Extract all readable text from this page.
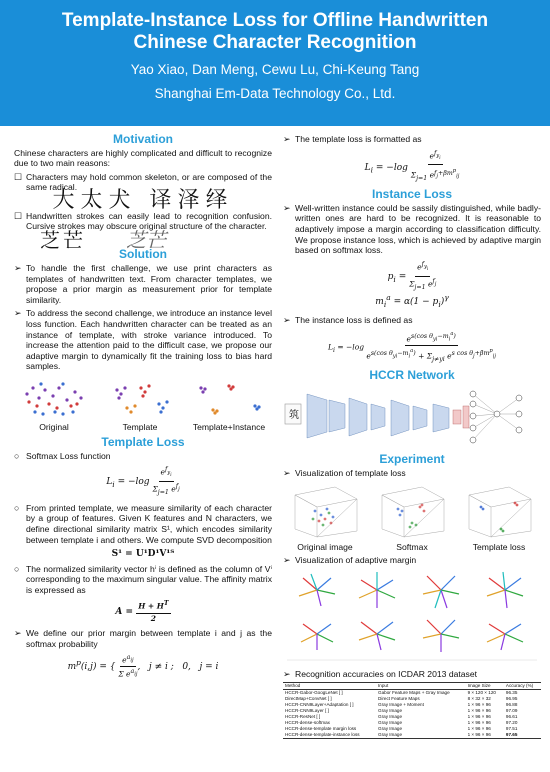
Template-Instance Loss for Offline Handwritten
Chinese Character Recognition
Yao Xiao, Dan Meng, Cewu Lu, Chi-Keung Tang
Shanghai Em-Data Technology Co., Ltd.
Motivation
Chinese characters are highly complicated and difficult to recognize due to two main reasons:
☐ Characters may hold common skeleton, or are composed of the same radical.
大太犬 译泽绎
☐ Handwritten strokes can easily lead to recognition confusion. Cursive strokes may obscure original structure of the character.
芝芒 芝芒
Solution
➢ To handle the first challenge, we use print characters as templates of handwritten text. From character templates, we propose a prior margin as measurement prior for template similarity.
➢ To address the second challenge, we introduce an instance level loss function. Each handwritten character can be treated as an instance of template, with stroke variance introduced. To increase the attention paid to the difficult case, we propose our adaptive margin to dynamically fit the training loss to bias hard samples.
Original	Template	Template+Instance
Template Loss
○ Softmax Loss function
$L_i = -\log \frac{e^{f_{y_i}}}{\Sigma_{j=1} e^{f_j}}$
○ From printed template, we measure similarity of each character by a group of features. Given K features and N characters, we define directional similarity matrix S¹, which encodes similarity between template i and others. We compute SVD decomposition
S¹ = U¹D¹V¹ᵀ
○ The normalized similarity vector hⁱ is defined as the column of Vⁱ corresponding to the maximum singular value. The affinity matrix is expressed as
$A = \frac{H + H^T}{2}$
➢ We define our prior margin between template i and j as the softmax probability
$m^p(i,j)$ = { $\frac{e^{a_{ij}}}{\Sigma e^{a_{ij}}}$ ,   j ≠ i ;   0,   j = i
➢ The template loss is formatted as
$L_i = -\log \frac{e^{f_{y_i}}}{\Sigma_{j=1} e^{f_j+\beta m^p_{ij}}}$
Instance Loss
➢ Well-written instance could be sassily distinguished, while badly-written ones are hard to be recognized. It is reasonable to adaptively impose a margin according to classification difficulty. We propose instance loss, which is achieved by adaptive margin based on softmax loss.
$p_i = \frac{e^{f_{y_i}}}{\Sigma_{j=1} e^{f_j}}$

$m_i^a = \alpha(1 - p_i)^\gamma$
➢ The instance loss is defined as
$L_i = -\log \frac{e^{s(cos \theta_{yi}-m_i^a)}}{e^{s(cos \theta_{yi}-m_i^a)} + \Sigma_{j\ne yi} e^{s cos \theta_j+\beta m^p_{ij}}}$
HCCR Network
筑
Experiment
➢ Visualization of template loss
Original image	Softmax	Template loss
➢ Visualization of adaptive margin
➢ Recognition accuracies on ICDAR 2013 dataset
Method	Input	Image Size	Accuracy (%)
HCCR-Gabor-GoogLeNet [ ]	Gabor Feature Maps + Gray Image	9 × 120 × 120	96.35
DirectMap+ConvNet [ ]	Direct Feature Maps	8 × 32 × 32	96.95
HCCR-CNN9Layer+Adaptation [ ]	Gray Image + Moment	1 × 96 × 96	96.88
HCCR-CNN9Layer [ ]	Gray Image	1 × 96 × 96	97.09
HCCR-ResNet [ ]	Gray Image	1 × 96 × 96	96.61
HCCR-dense-softmax	Gray Image	1 × 96 × 96	97.20
HCCR-dense-template margin loss	Gray Image	1 × 96 × 96	97.51
HCCR-dense-template-instance loss	Gray Image	1 × 96 × 96	97.65
